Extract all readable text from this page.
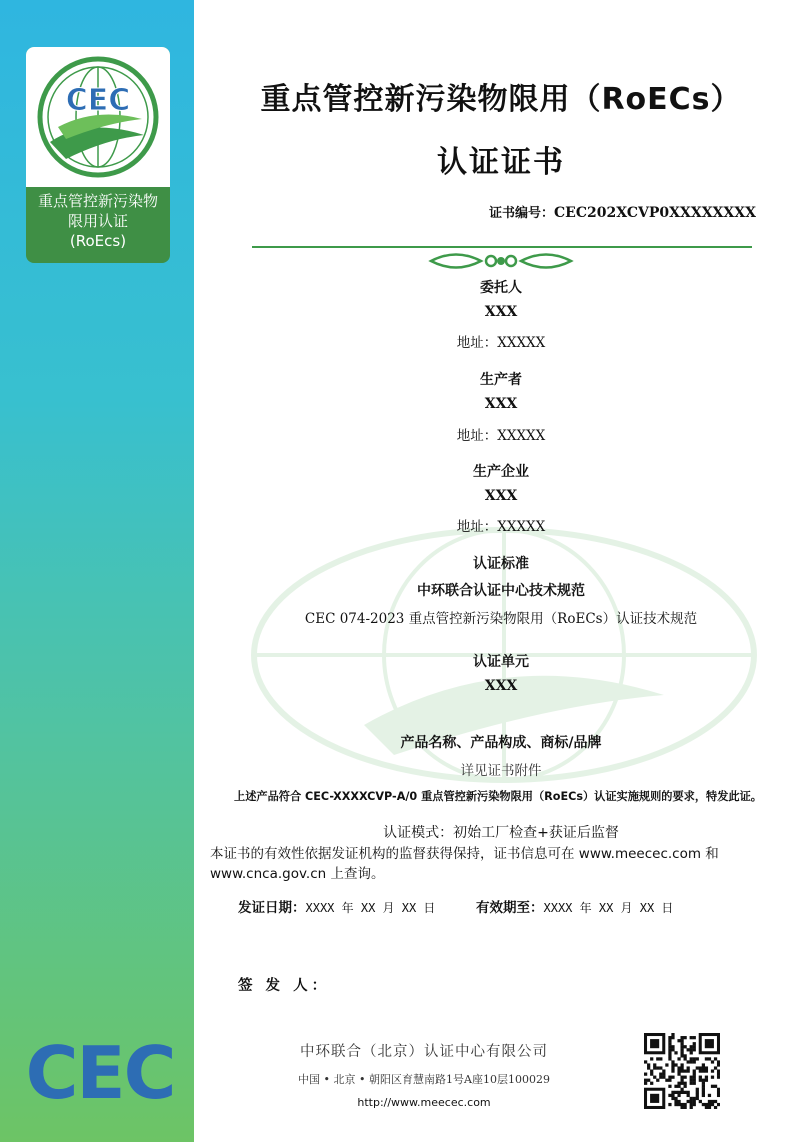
CEC
重点管控新污染物
限用认证
(RoEcs)
CEC
重点管控新污染物限用（RoECs）
认证证书
证书编号：CEC202XCVP0XXXXXXXX
委托人
XXX
地址：XXXXX
生产者
XXX
地址：XXXXX
生产企业
XXX
地址：XXXXX
认证标准
中环联合认证中心技术规范
CEC 074-2023 重点管控新污染物限用（RoECs）认证技术规范
认证单元
XXX
产品名称、产品构成、商标/品牌
详见证书附件
上述产品符合 CEC-XXXXCVP-A/0 重点管控新污染物限用（RoECs）认证实施规则的要求，特发此证。
认证模式：初始工厂检查+获证后监督
本证书的有效性依据发证机构的监督获得保持，证书信息可在 www.meecec.com 和 www.cnca.gov.cn 上查询。
发证日期：XXXX 年 XX 月 XX 日	有效期至：XXXX 年 XX 月 XX 日
签 发 人：
中环联合（北京）认证中心有限公司
中国 • 北京 • 朝阳区育慧南路1号A座10层100029
http://www.meecec.com
